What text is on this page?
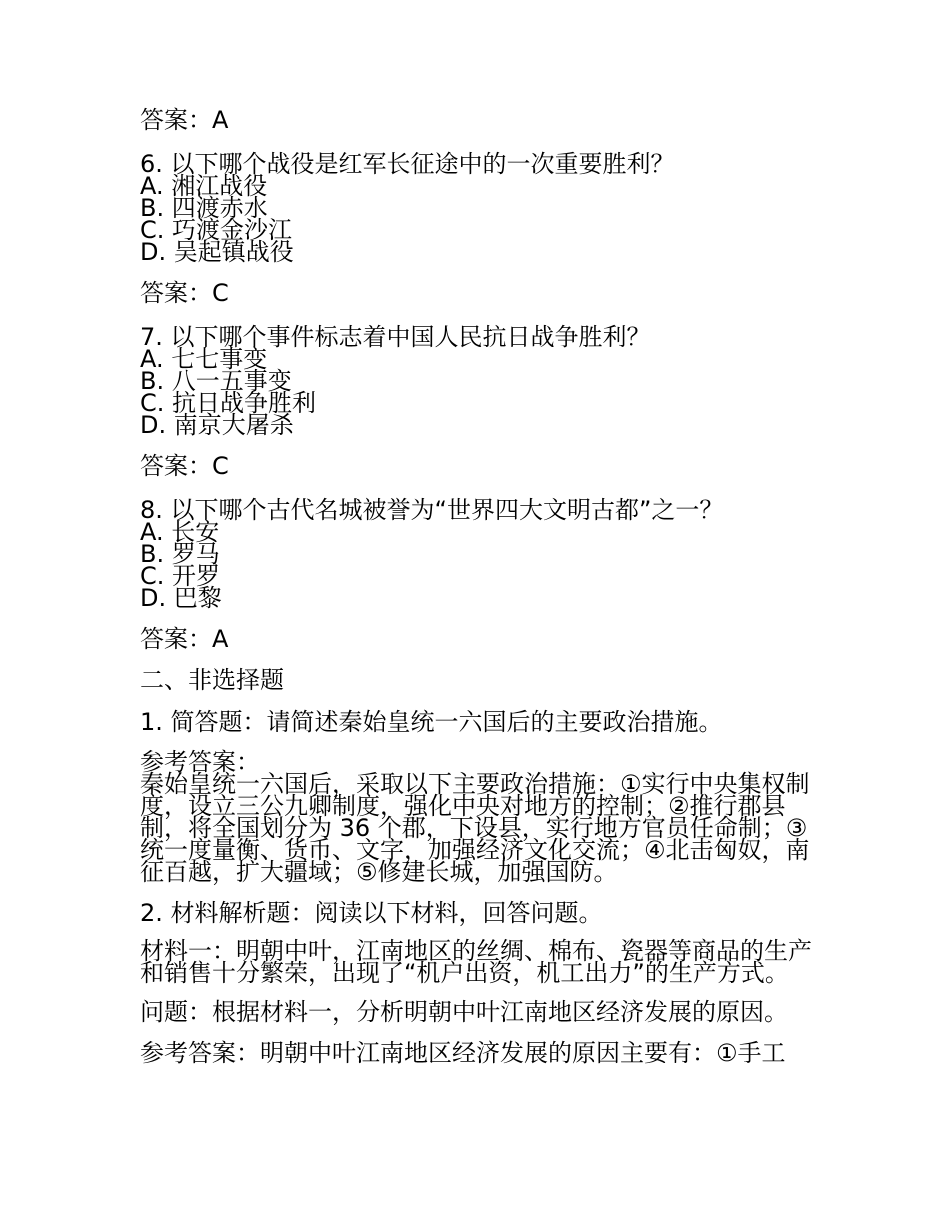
答案：A

6. 以下哪个战役是红军长征途中的一次重要胜利？
A. 湘江战役
B. 四渡赤水
C. 巧渡金沙江
D. 吴起镇战役

答案：C

7. 以下哪个事件标志着中国人民抗日战争胜利？
A. 七七事变
B. 八一五事变
C. 抗日战争胜利
D. 南京大屠杀

答案：C

8. 以下哪个古代名城被誉为“世界四大文明古都”之一？
A. 长安
B. 罗马
C. 开罗
D. 巴黎

答案：A

二、非选择题
1. 简答题：请简述秦始皇统一六国后的主要政治措施。
参考答案：
秦始皇统一六国后，采取以下主要政治措施：①实行中央集权制度，设立三公九卿制度，强化中央对地方的控制；②推行郡县制，将全国划分为 36 个郡，下设县，实行地方官员任命制；③统一度量衡、货币、文字，加强经济文化交流；④北击匈奴，南征百越，扩大疆域；⑤修建长城，加强国防。
2. 材料解析题：阅读以下材料，回答问题。
材料一：明朝中叶，江南地区的丝绸、棉布、瓷器等商品的生产和销售十分繁荣，出现了“机户出资，机工出力”的生产方式。
问题：根据材料一，分析明朝中叶江南地区经济发展的原因。
参考答案：明朝中叶江南地区经济发展的原因主要有：①手工
